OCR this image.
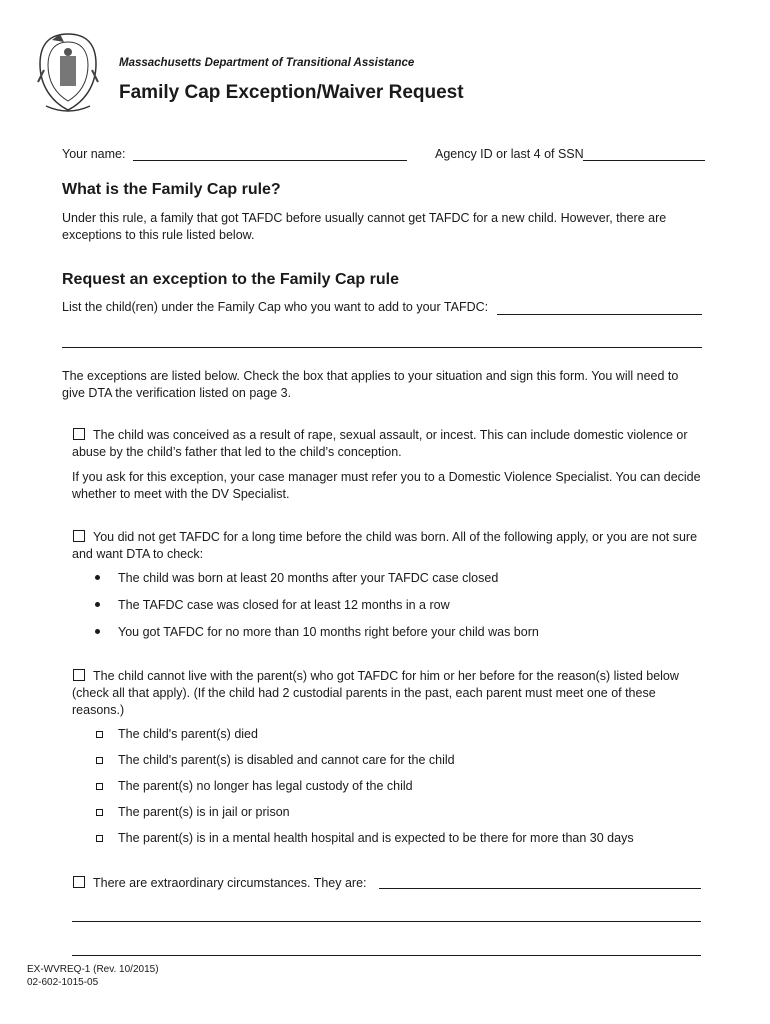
Massachusetts Department of Transitional Assistance
Family Cap Exception/Waiver Request
Your name:	Agency ID or last 4 of SSN
What is the Family Cap rule?
Under this rule, a family that got TAFDC before usually cannot get TAFDC for a new child. However, there are exceptions to this rule listed below.
Request an exception to the Family Cap rule
List the child(ren) under the Family Cap who you want to add to your TAFDC:
The exceptions are listed below. Check the box that applies to your situation and sign this form. You will need to give DTA the verification listed on page 3.
The child was conceived as a result of rape, sexual assault, or incest. This can include domestic violence or abuse by the child’s father that led to the child’s conception.
If you ask for this exception, your case manager must refer you to a Domestic Violence Specialist. You can decide whether to meet with the DV Specialist.
You did not get TAFDC for a long time before the child was born. All of the following apply, or you are not sure and want DTA to check:
The child was born at least 20 months after your TAFDC case closed
The TAFDC case was closed for at least 12 months in a row
You got TAFDC for no more than 10 months right before your child was born
The child cannot live with the parent(s) who got TAFDC for him or her before for the reason(s) listed below (check all that apply). (If the child had 2 custodial parents in the past, each parent must meet one of these reasons.)
The child's parent(s) died
The child's parent(s) is disabled and cannot care for the child
The parent(s) no longer has legal custody of the child
The parent(s) is in jail or prison
The parent(s) is in a mental health hospital and is expected to be there for more than 30 days
There are extraordinary circumstances. They are:
EX-WVREQ-1 (Rev. 10/2015)
02-602-1015-05
